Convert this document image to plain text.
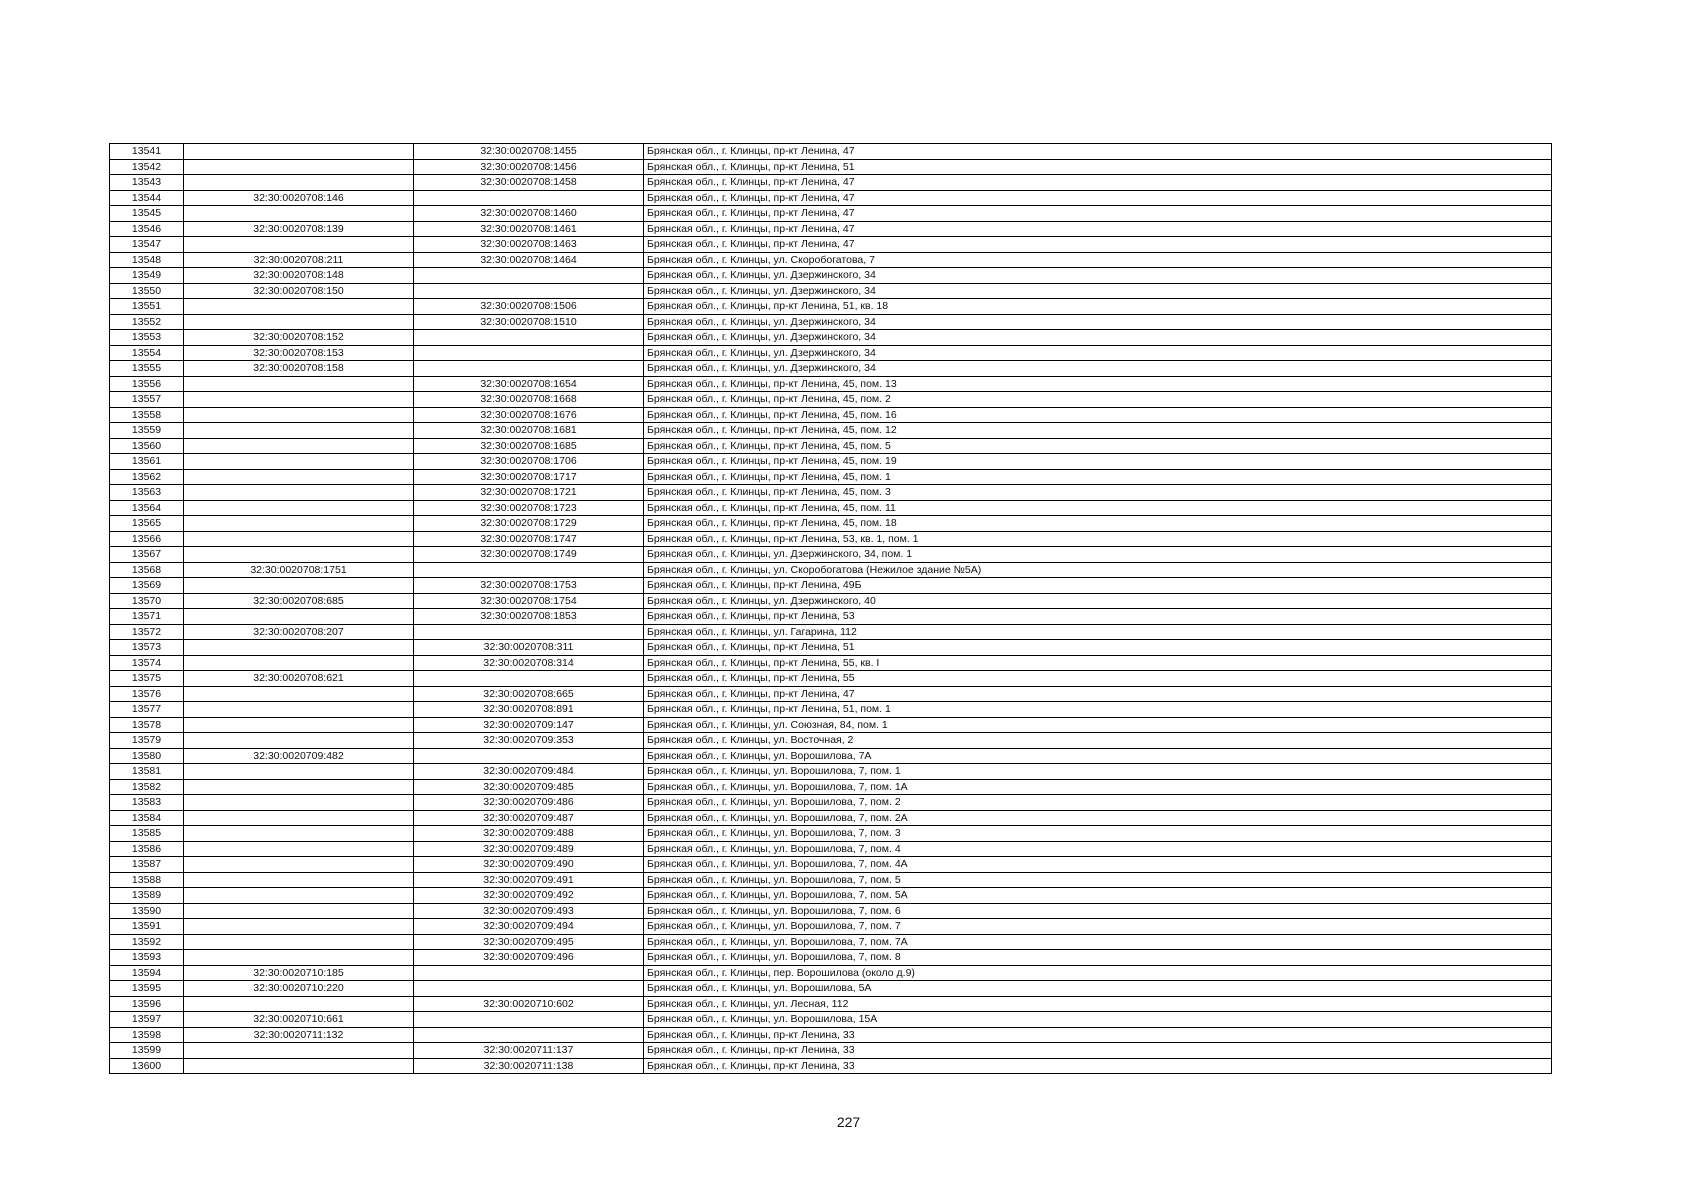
13541		32:30:0020708:1455	Брянская обл., г. Клинцы, пр-кт Ленина, 47
13542		32:30:0020708:1456	Брянская обл., г. Клинцы, пр-кт Ленина, 51
13543		32:30:0020708:1458	Брянская обл., г. Клинцы, пр-кт Ленина, 47
13544	32:30:0020708:146		Брянская обл., г. Клинцы, пр-кт Ленина, 47
13545		32:30:0020708:1460	Брянская обл., г. Клинцы, пр-кт Ленина, 47
13546	32:30:0020708:139	32:30:0020708:1461	Брянская обл., г. Клинцы, пр-кт Ленина, 47
13547		32:30:0020708:1463	Брянская обл., г. Клинцы, пр-кт Ленина, 47
13548	32:30:0020708:211	32:30:0020708:1464	Брянская обл., г. Клинцы, ул. Скоробогатова, 7
13549	32:30:0020708:148		Брянская обл., г. Клинцы, ул. Дзержинского, 34
13550	32:30:0020708:150		Брянская обл., г. Клинцы, ул. Дзержинского, 34
13551		32:30:0020708:1506	Брянская обл., г. Клинцы, пр-кт Ленина, 51, кв. 18
13552		32:30:0020708:1510	Брянская обл., г. Клинцы, ул. Дзержинского, 34
13553	32:30:0020708:152		Брянская обл., г. Клинцы, ул. Дзержинского, 34
13554	32:30:0020708:153		Брянская обл., г. Клинцы, ул. Дзержинского, 34
13555	32:30:0020708:158		Брянская обл., г. Клинцы, ул. Дзержинского, 34
13556		32:30:0020708:1654	Брянская обл., г. Клинцы, пр-кт Ленина, 45, пом. 13
13557		32:30:0020708:1668	Брянская обл., г. Клинцы, пр-кт Ленина, 45, пом. 2
13558		32:30:0020708:1676	Брянская обл., г. Клинцы, пр-кт Ленина, 45, пом. 16
13559		32:30:0020708:1681	Брянская обл., г. Клинцы, пр-кт Ленина, 45, пом. 12
13560		32:30:0020708:1685	Брянская обл., г. Клинцы, пр-кт Ленина, 45, пом. 5
13561		32:30:0020708:1706	Брянская обл., г. Клинцы, пр-кт Ленина, 45, пом. 19
13562		32:30:0020708:1717	Брянская обл., г. Клинцы, пр-кт Ленина, 45, пом. 1
13563		32:30:0020708:1721	Брянская обл., г. Клинцы, пр-кт Ленина, 45, пом. 3
13564		32:30:0020708:1723	Брянская обл., г. Клинцы, пр-кт Ленина, 45, пом. 11
13565		32:30:0020708:1729	Брянская обл., г. Клинцы, пр-кт Ленина, 45, пом. 18
13566		32:30:0020708:1747	Брянская обл., г. Клинцы, пр-кт Ленина, 53, кв. 1, пом. 1
13567		32:30:0020708:1749	Брянская обл., г. Клинцы, ул. Дзержинского, 34, пом. 1
13568	32:30:0020708:1751		Брянская обл., г. Клинцы, ул. Скоробогатова (Нежилое здание №5А)
13569		32:30:0020708:1753	Брянская обл., г. Клинцы, пр-кт Ленина, 49Б
13570	32:30:0020708:685	32:30:0020708:1754	Брянская обл., г. Клинцы, ул. Дзержинского, 40
13571		32:30:0020708:1853	Брянская обл., г. Клинцы, пр-кт Ленина, 53
13572	32:30:0020708:207		Брянская обл., г. Клинцы, ул. Гагарина, 112
13573		32:30:0020708:311	Брянская обл., г. Клинцы, пр-кт Ленина, 51
13574		32:30:0020708:314	Брянская обл., г. Клинцы, пр-кт Ленина, 55, кв. I
13575	32:30:0020708:621		Брянская обл., г. Клинцы, пр-кт Ленина, 55
13576		32:30:0020708:665	Брянская обл., г. Клинцы, пр-кт Ленина, 47
13577		32:30:0020708:891	Брянская обл., г. Клинцы, пр-кт Ленина, 51, пом. 1
13578		32:30:0020709:147	Брянская обл., г. Клинцы, ул. Союзная, 84, пом. 1
13579		32:30:0020709:353	Брянская обл., г. Клинцы, ул. Восточная, 2
13580	32:30:0020709:482		Брянская обл., г. Клинцы, ул. Ворошилова, 7А
13581		32:30:0020709:484	Брянская обл., г. Клинцы, ул. Ворошилова, 7, пом. 1
13582		32:30:0020709:485	Брянская обл., г. Клинцы, ул. Ворошилова, 7, пом. 1А
13583		32:30:0020709:486	Брянская обл., г. Клинцы, ул. Ворошилова, 7, пом. 2
13584		32:30:0020709:487	Брянская обл., г. Клинцы, ул. Ворошилова, 7, пом. 2А
13585		32:30:0020709:488	Брянская обл., г. Клинцы, ул. Ворошилова, 7, пом. 3
13586		32:30:0020709:489	Брянская обл., г. Клинцы, ул. Ворошилова, 7, пом. 4
13587		32:30:0020709:490	Брянская обл., г. Клинцы, ул. Ворошилова, 7, пом. 4А
13588		32:30:0020709:491	Брянская обл., г. Клинцы, ул. Ворошилова, 7, пом. 5
13589		32:30:0020709:492	Брянская обл., г. Клинцы, ул. Ворошилова, 7, пом. 5А
13590		32:30:0020709:493	Брянская обл., г. Клинцы, ул. Ворошилова, 7, пом. 6
13591		32:30:0020709:494	Брянская обл., г. Клинцы, ул. Ворошилова, 7, пом. 7
13592		32:30:0020709:495	Брянская обл., г. Клинцы, ул. Ворошилова, 7, пом. 7А
13593		32:30:0020709:496	Брянская обл., г. Клинцы, ул. Ворошилова, 7, пом. 8
13594	32:30:0020710:185		Брянская обл., г. Клинцы, пер. Ворошилова (около д.9)
13595	32:30:0020710:220		Брянская обл., г. Клинцы, ул. Ворошилова, 5А
13596		32:30:0020710:602	Брянская обл., г. Клинцы, ул. Лесная, 112
13597	32:30:0020710:661		Брянская обл., г. Клинцы, ул. Ворошилова, 15А
13598	32:30:0020711:132		Брянская обл., г. Клинцы, пр-кт Ленина, 33
13599		32:30:0020711:137	Брянская обл., г. Клинцы, пр-кт Ленина, 33
13600		32:30:0020711:138	Брянская обл., г. Клинцы, пр-кт Ленина, 33
227
